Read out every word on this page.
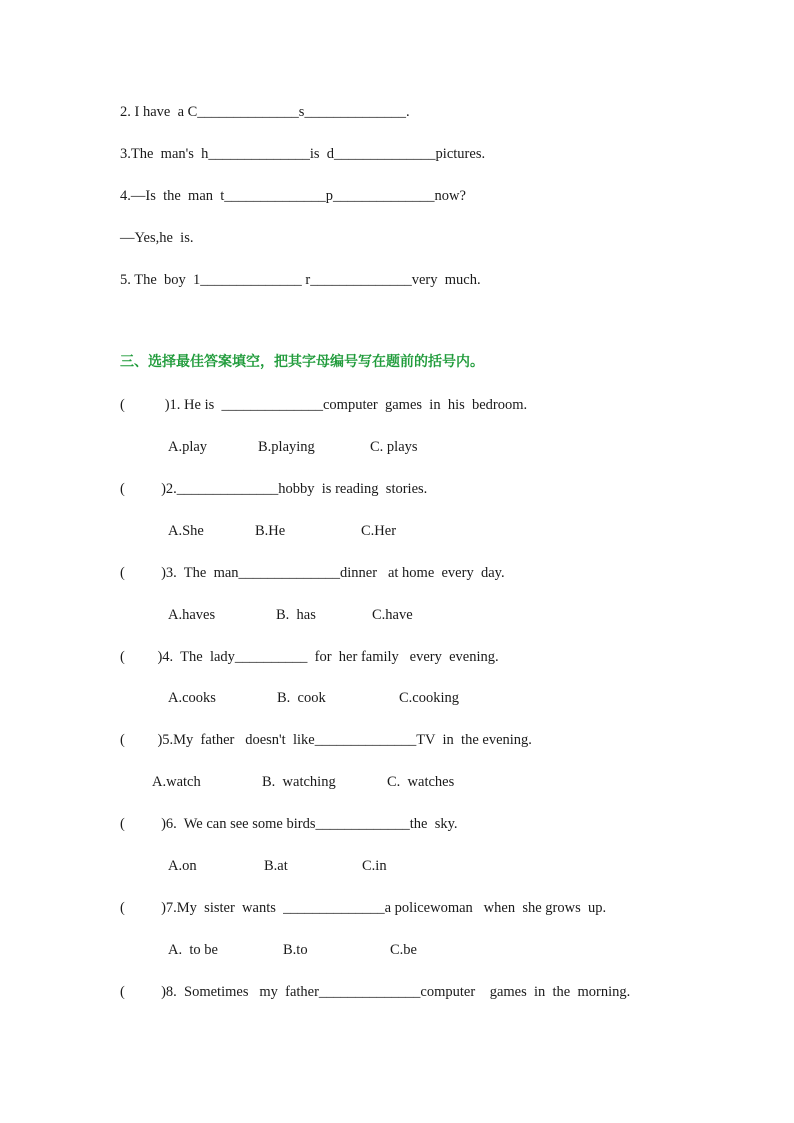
2. I have  a C______________s______________.
3.The  man's  h______________is  d______________pictures.
4.—Is  the  man  t______________p______________now?
—Yes,he  is.
5. The  boy  1______________ r______________very  much.
三、选择最佳答案填空，把其字母编号写在题前的括号内。
(           )1. He is  ______________computer  games  in  his  bedroom.

A.play

	B.playing

	C. plays

(          )2.______________hobby  is reading  stories.

A.She

	B.He

	C.Her

(          )3.  The  man______________dinner   at home  every  day.

A.haves

	B.  has

	C.have

(         )4.  The  lady__________  for  her family   every  evening.

A.cooks

	B.  cook

	C.cooking

(         )5.My  father   doesn't  like______________TV  in  the evening.

A.watch

	B.  watching

	C.  watches

(          )6.  We can see some birds_____________the  sky.

A.on

	B.at

	C.in

(          )7.My  sister  wants  ______________a policewoman   when  she grows  up.

A.  to be

	B.to

	C.be

(          )8.  Sometimes   my  father______________computer    games  in  the  morning.
